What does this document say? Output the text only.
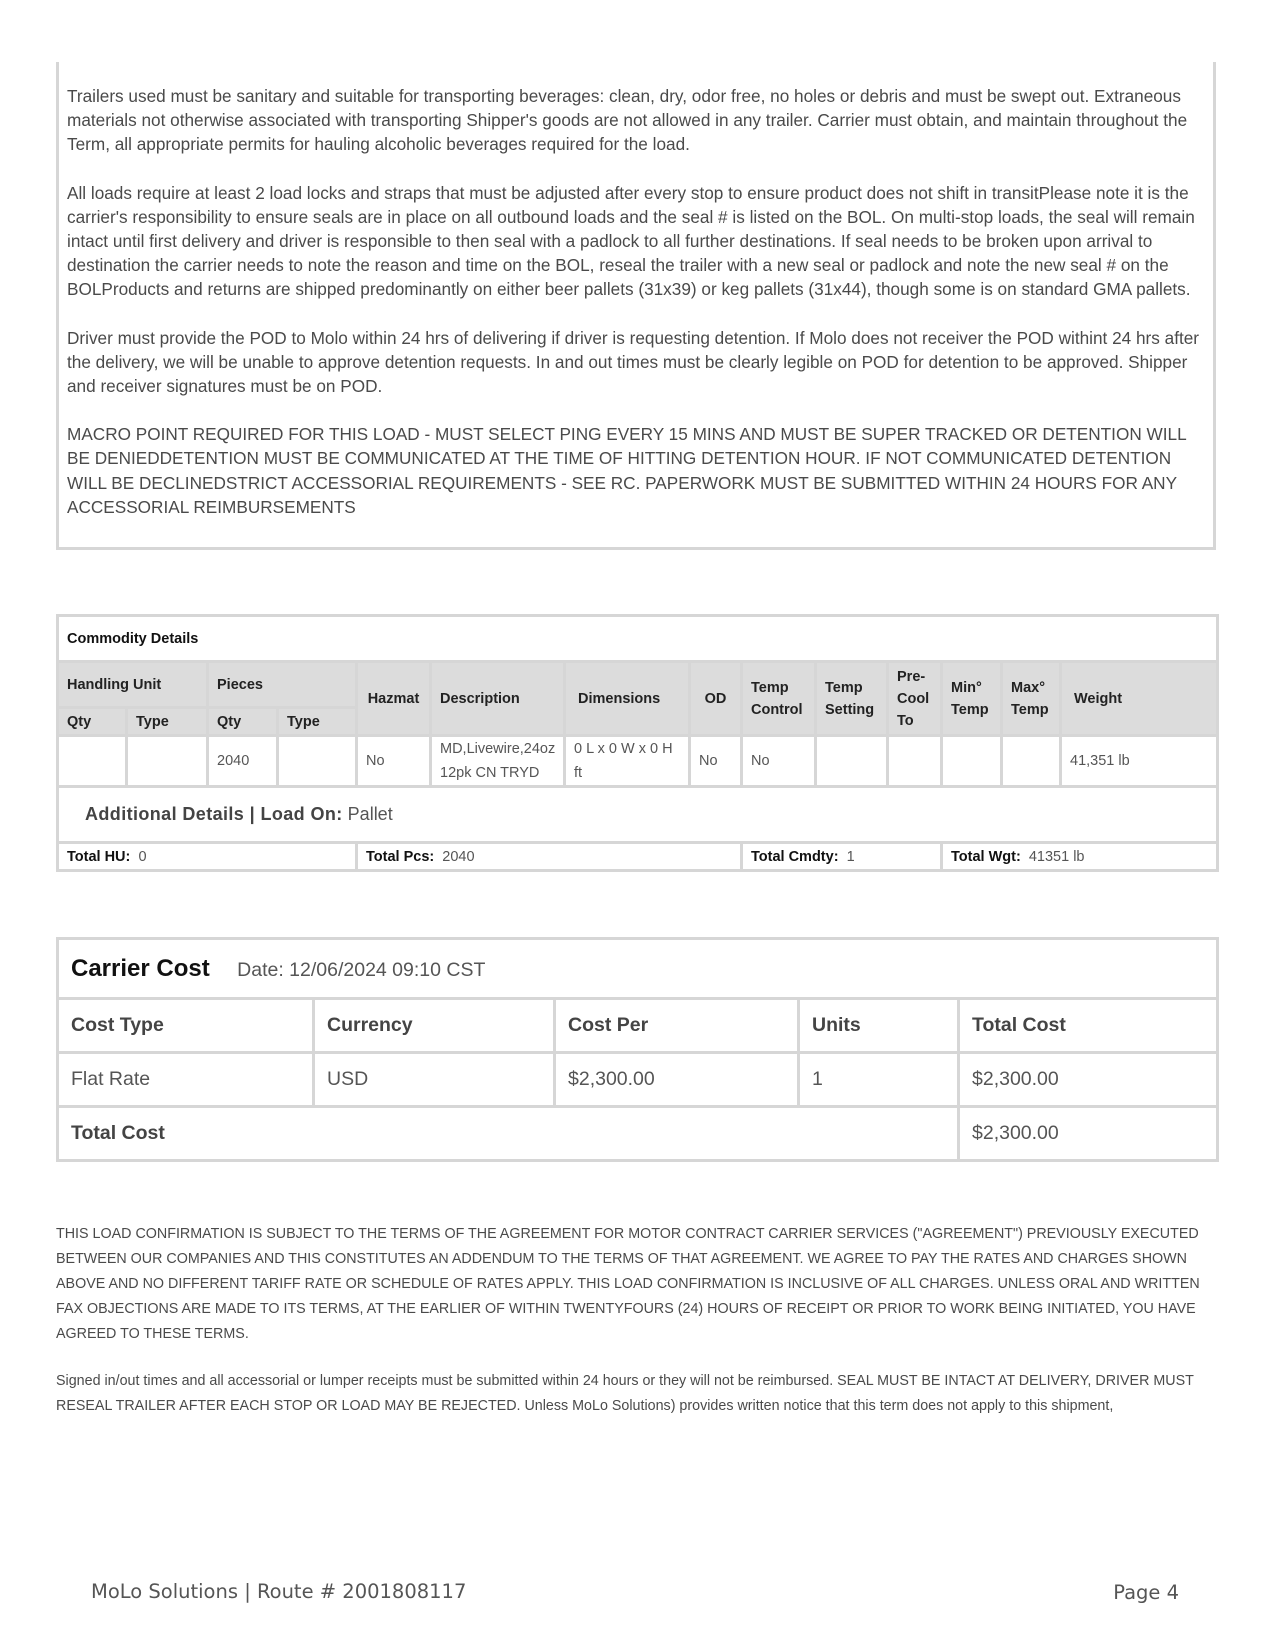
Trailers used must be sanitary and suitable for transporting beverages: clean, dry, odor free, no holes or debris and must be swept out. Extraneous materials not otherwise associated with transporting Shipper's goods are not allowed in any trailer. Carrier must obtain, and maintain throughout the Term, all appropriate permits for hauling alcoholic beverages required for the load.

All loads require at least 2 load locks and straps that must be adjusted after every stop to ensure product does not shift in transitPlease note it is the carrier's responsibility to ensure seals are in place on all outbound loads and the seal # is listed on the BOL. On multi-stop loads, the seal will remain intact until first delivery and driver is responsible to then seal with a padlock to all further destinations. If seal needs to be broken upon arrival to destination the carrier needs to note the reason and time on the BOL, reseal the trailer with a new seal or padlock and note the new seal # on the BOLProducts and returns are shipped predominantly on either beer pallets (31x39) or keg pallets (31x44), though some is on standard GMA pallets.

Driver must provide the POD to Molo within 24 hrs of delivering if driver is requesting detention. If Molo does not receiver the POD withint 24 hrs after the delivery, we will be unable to approve detention requests. In and out times must be clearly legible on POD for detention to be approved. Shipper and receiver signatures must be on POD.

MACRO POINT REQUIRED FOR THIS LOAD - MUST SELECT PING EVERY 15 MINS AND MUST BE SUPER TRACKED OR DETENTION WILL BE DENIEDDETENTION MUST BE COMMUNICATED AT THE TIME OF HITTING DETENTION HOUR. IF NOT COMMUNICATED DETENTION WILL BE DECLINEDSTRICT ACCESSORIAL REQUIREMENTS - SEE RC. PAPERWORK MUST BE SUBMITTED WITHIN 24 HOURS FOR ANY ACCESSORIAL REIMBURSEMENTS

Commodity Details													
Handling Unit		Pieces		Hazmat	Description	Dimensions	OD	Temp Control	Temp Setting	Pre-Cool To	Min° Temp	Max° Temp	Weight
Qty	Type	Qty	Type										
		2040		No	MD,Livewire,24oz 12pk CN TRYD	0 L x 0 W x 0 H ft	No	No					41,351 lb
Additional Details | Load On: Pallet													
Total HU: 0				Total Pcs: 2040				Total Cmdty: 1			Total Wgt: 41351 lb		
Carrier Cost Date: 12/06/2024 09:10 CST				
Cost Type	Currency	Cost Per	Units	Total Cost
Flat Rate	USD	$2,300.00	1	$2,300.00
Total Cost				$2,300.00

THIS LOAD CONFIRMATION IS SUBJECT TO THE TERMS OF THE AGREEMENT FOR MOTOR CONTRACT CARRIER SERVICES ("AGREEMENT") PREVIOUSLY EXECUTED BETWEEN OUR COMPANIES AND THIS CONSTITUTES AN ADDENDUM TO THE TERMS OF THAT AGREEMENT. WE AGREE TO PAY THE RATES AND CHARGES SHOWN ABOVE AND NO DIFFERENT TARIFF RATE OR SCHEDULE OF RATES APPLY. THIS LOAD CONFIRMATION IS INCLUSIVE OF ALL CHARGES. UNLESS ORAL AND WRITTEN FAX OBJECTIONS ARE MADE TO ITS TERMS, AT THE EARLIER OF WITHIN TWENTYFOURS (24) HOURS OF RECEIPT OR PRIOR TO WORK BEING INITIATED, YOU HAVE AGREED TO THESE TERMS.

Signed in/out times and all accessorial or lumper receipts must be submitted within 24 hours or they will not be reimbursed. SEAL MUST BE INTACT AT DELIVERY, DRIVER MUST RESEAL TRAILER AFTER EACH STOP OR LOAD MAY BE REJECTED. Unless MoLo Solutions) provides written notice that this term does not apply to this shipment,

MoLo Solutions | Route # 2001808117	Page 4
